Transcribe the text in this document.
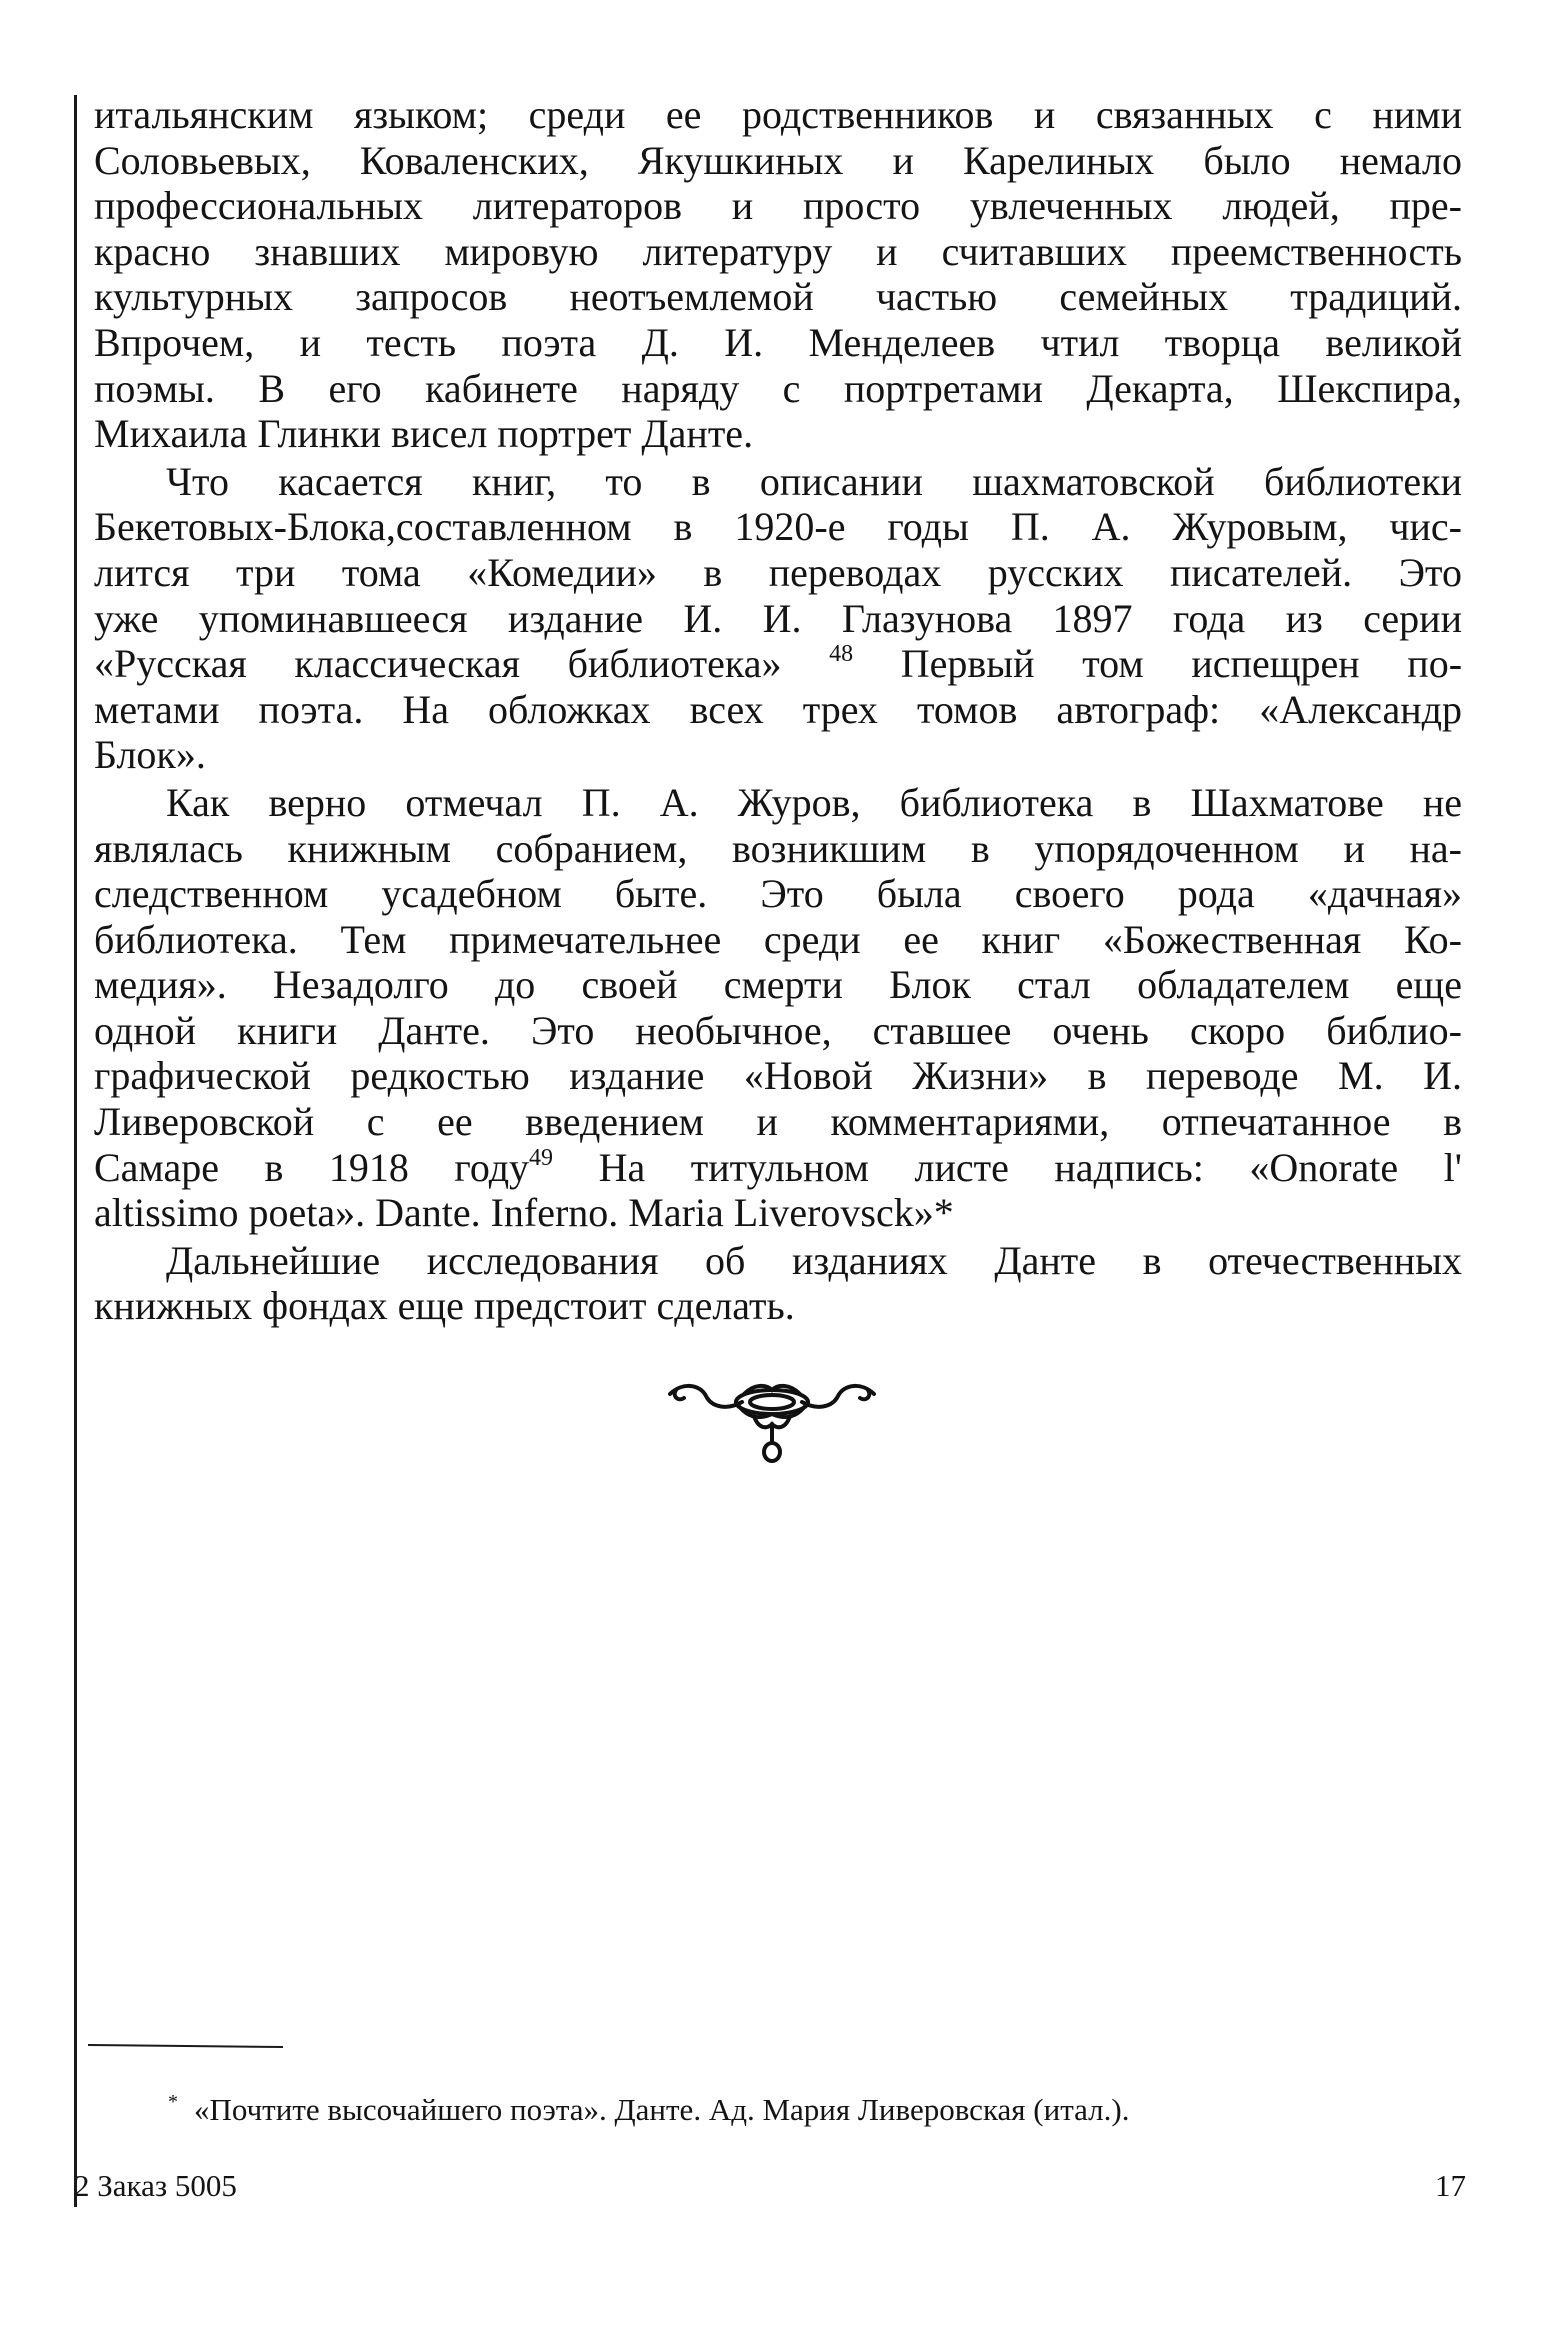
итальянским языком; среди ее родственников и связанных с ними
Соловьевых, Коваленских, Якушкиных и Карелиных было немало
профессиональных литераторов и просто увлеченных людей, пре-
красно знавших мировую литературу и считавших преемственность
культурных запросов неотъемлемой частью семейных традиций.
Впрочем, и тесть поэта Д. И. Менделеев чтил творца великой
поэмы. В его кабинете наряду с портретами Декарта, Шекспира,
Михаила Глинки висел портрет Данте.

Что касается книг, то в описании шахматовской библиотеки
Бекетовых-Блока,составленном в 1920-е годы П. А. Журовым, чис-
лится три тома «Комедии» в переводах русских писателей. Это
уже упоминавшееся издание И. И. Глазунова 1897 года из серии
«Русская классическая библиотека» $^{48}$ Первый том испещрен по-
метами поэта. На обложках всех трех томов автограф: «Александр
Блок».

Как верно отмечал П. А. Журов, библиотека в Шахматове не
являлась книжным собранием, возникшим в упорядоченном и на-
следственном усадебном быте. Это была своего рода «дачная»
библиотека. Тем примечательнее среди ее книг «Божественная Ко-
медия». Незадолго до своей смерти Блок стал обладателем еще
одной книги Данте. Это необычное, ставшее очень скоро библио-
графической редкостью издание «Новой Жизни» в переводе М. И.
Ливеровской с ее введением и комментариями, отпечатанное в
Самаре в 1918 году$^{49}$ На титульном листе надпись: «Onorate l'
altissimo poeta». Dante. Inferno. Maria Liverovsck»*

Дальнейшие исследования об изданиях Данте в отечественных
книжных фондах еще предстоит сделать.

* «Почтите высочайшего поэта». Данте. Ад. Мария Ливеровская (итал.).
2 Заказ 5005	17
